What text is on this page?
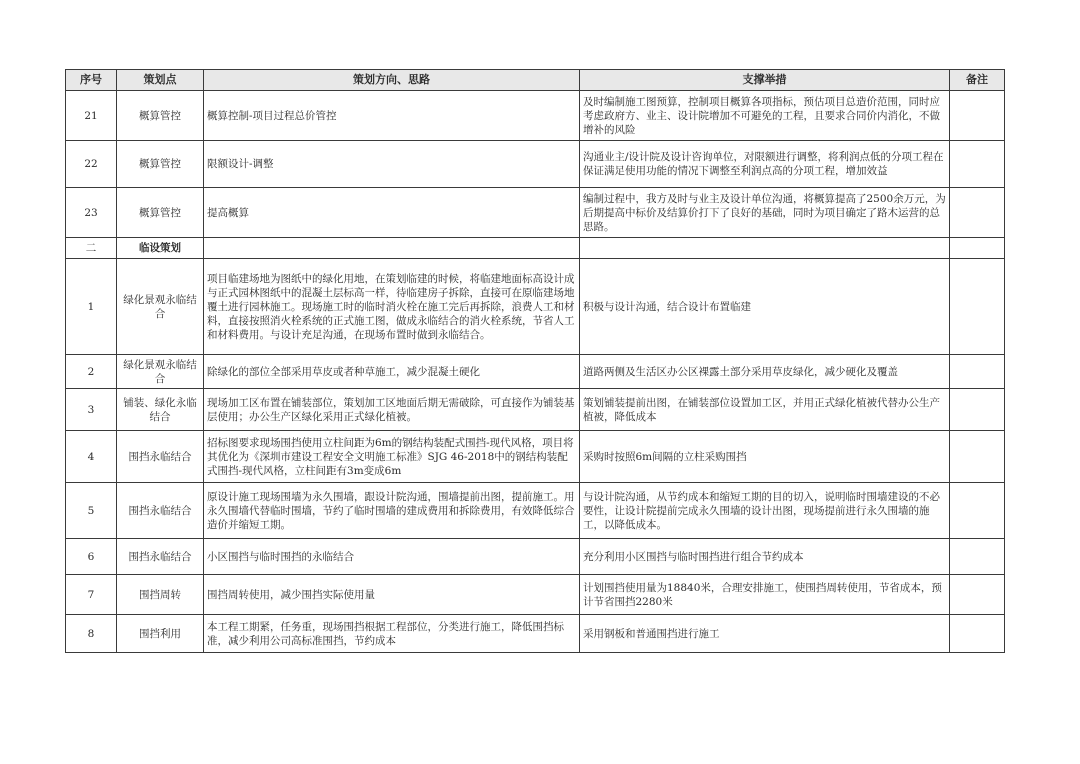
序号	策划点	策划方向、思路	支撑举措	备注
21	概算管控	概算控制-项目过程总价管控	及时编制施工图预算，控制项目概算各项指标，预估项目总造价范围，同时应考虑政府方、业主、设计院增加不可避免的工程，且要求合同价内消化，不做增补的风险	
22	概算管控	限额设计-调整	沟通业主/设计院及设计咨询单位，对限额进行调整，将利润点低的分项工程在保证满足使用功能的情况下调整至利润点高的分项工程，增加效益	
23	概算管控	提高概算	编制过程中，我方及时与业主及设计单位沟通，将概算提高了2500余万元，为后期提高中标价及结算价打下了良好的基础，同时为项目确定了路木运营的总思路。	
二	临设策划			
1	绿化景观永临结合	项目临建场地为图纸中的绿化用地，在策划临建的时候，将临建地面标高设计成与正式园林图纸中的混凝土层标高一样，待临建房子拆除，直接可在原临建场地覆土进行园林施工。现场施工时的临时消火栓在施工完后再拆除，浪费人工和材料，直接按照消火栓系统的正式施工图，做成永临结合的消火栓系统，节省人工和材料费用。与设计充足沟通，在现场布置时做到永临结合。	积极与设计沟通，结合设计布置临建	
2	绿化景观永临结合	除绿化的部位全部采用草皮或者种草施工，减少混凝土硬化	道路两侧及生活区办公区裸露土部分采用草皮绿化，减少硬化及覆盖	
3	铺装、绿化永临结合	现场加工区布置在铺装部位，策划加工区地面后期无需破除，可直接作为铺装基层使用；办公生产区绿化采用正式绿化植被。	策划铺装提前出图，在铺装部位设置加工区，并用正式绿化植被代替办公生产植被，降低成本	
4	围挡永临结合	招标图要求现场围挡使用立柱间距为6m的钢结构装配式围挡-现代风格，项目将其优化为《深圳市建设工程安全文明施工标准》SJG 46-2018中的钢结构装配式围挡-现代风格，立柱间距有3m变成6m	采购时按照6m间隔的立柱采购围挡	
5	围挡永临结合	原设计施工现场围墙为永久围墙，跟设计院沟通，围墙提前出图，提前施工。用永久围墙代替临时围墙，节约了临时围墙的建成费用和拆除费用，有效降低综合造价并缩短工期。	与设计院沟通，从节约成本和缩短工期的目的切入，说明临时围墙建设的不必要性，让设计院提前完成永久围墙的设计出图，现场提前进行永久围墙的施工，以降低成本。	
6	围挡永临结合	小区围挡与临时围挡的永临结合	充分利用小区围挡与临时围挡进行组合节约成本	
7	围挡周转	围挡周转使用，减少围挡实际使用量	计划围挡使用量为18840米，合理安排施工，使围挡周转使用，节省成本，预计节省围挡2280米	
8	围挡利用	本工程工期紧，任务重，现场围挡根据工程部位，分类进行施工，降低围挡标准，减少利用公司高标准围挡，节约成本	采用钢板和普通围挡进行施工	
